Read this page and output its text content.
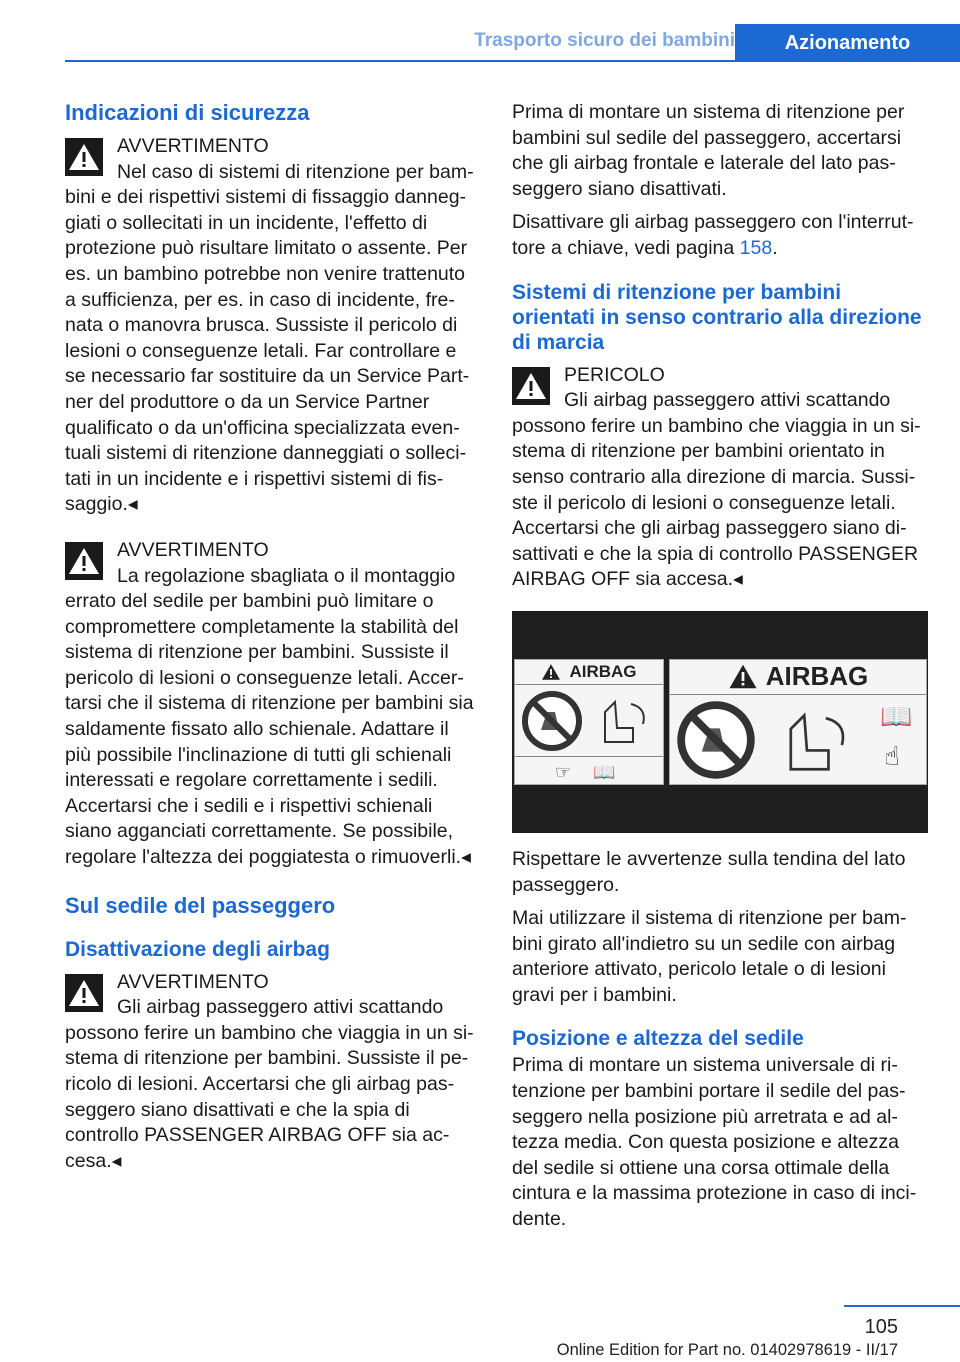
Trasporto sicuro dei bambini	Azionamento
Indicazioni di sicurezza
AVVERTIMENTO
Nel caso di sistemi di ritenzione per bambini e dei rispettivi sistemi di fissaggio danneggiati o sollecitati in un incidente, l'effetto di protezione può risultare limitato o assente. Per es. un bambino potrebbe non venire trattenuto a sufficienza, per es. in caso di incidente, frenata o manovra brusca. Sussiste il pericolo di lesioni o conseguenze letali. Far controllare e se necessario far sostituire da un Service Partner del produttore o da un Service Partner qualificato o da un'officina specializzata eventuali sistemi di ritenzione danneggiati o sollecitati in un incidente e i rispettivi sistemi di fissaggio.◂
AVVERTIMENTO
La regolazione sbagliata o il montaggio errato del sedile per bambini può limitare o compromettere completamente la stabilità del sistema di ritenzione per bambini. Sussiste il pericolo di lesioni o conseguenze letali. Accertarsi che il sistema di ritenzione per bambini sia saldamente fissato allo schienale. Adattare il più possibile l'inclinazione di tutti gli schienali interessati e regolare correttamente i sedili. Accertarsi che i sedili e i rispettivi schienali siano agganciati correttamente. Se possibile, regolare l'altezza dei poggiatesta o rimuoverli.◂
Sul sedile del passeggero
Disattivazione degli airbag
AVVERTIMENTO
Gli airbag passeggero attivi scattando possono ferire un bambino che viaggia in un sistema di ritenzione per bambini. Sussiste il pericolo di lesioni. Accertarsi che gli airbag passeggero siano disattivati e che la spia di controllo PASSENGER AIRBAG OFF sia accesa.◂

Prima di montare un sistema di ritenzione per bambini sul sedile del passeggero, accertarsi che gli airbag frontale e laterale del lato passeggero siano disattivati.

Disattivare gli airbag passeggero con l'interruttore a chiave, vedi pagina 158.

Sistemi di ritenzione per bambini orientati in senso contrario alla direzione di marcia
PERICOLO
Gli airbag passeggero attivi scattando possono ferire un bambino che viaggia in un sistema di ritenzione per bambini orientato in senso contrario alla direzione di marcia. Sussiste il pericolo di lesioni o conseguenze letali. Accertarsi che gli airbag passeggero siano disattivati e che la spia di controllo PASSENGER AIRBAG OFF sia accesa.◂
AIRBAG
☞ 📖
AIRBAG
📖
☝

Rispettare le avvertenze sulla tendina del lato passeggero.

Mai utilizzare il sistema di ritenzione per bambini girato all'indietro su un sedile con airbag anteriore attivato, pericolo letale o di lesioni gravi per i bambini.

Posizione e altezza del sedile

Prima di montare un sistema universale di ritenzione per bambini portare il sedile del passeggero nella posizione più arretrata e ad altezza media. Con questa posizione e altezza del sedile si ottiene una corsa ottimale della cintura e la massima protezione in caso di incidente.

105
Online Edition for Part no. 01402978619 - II/17
